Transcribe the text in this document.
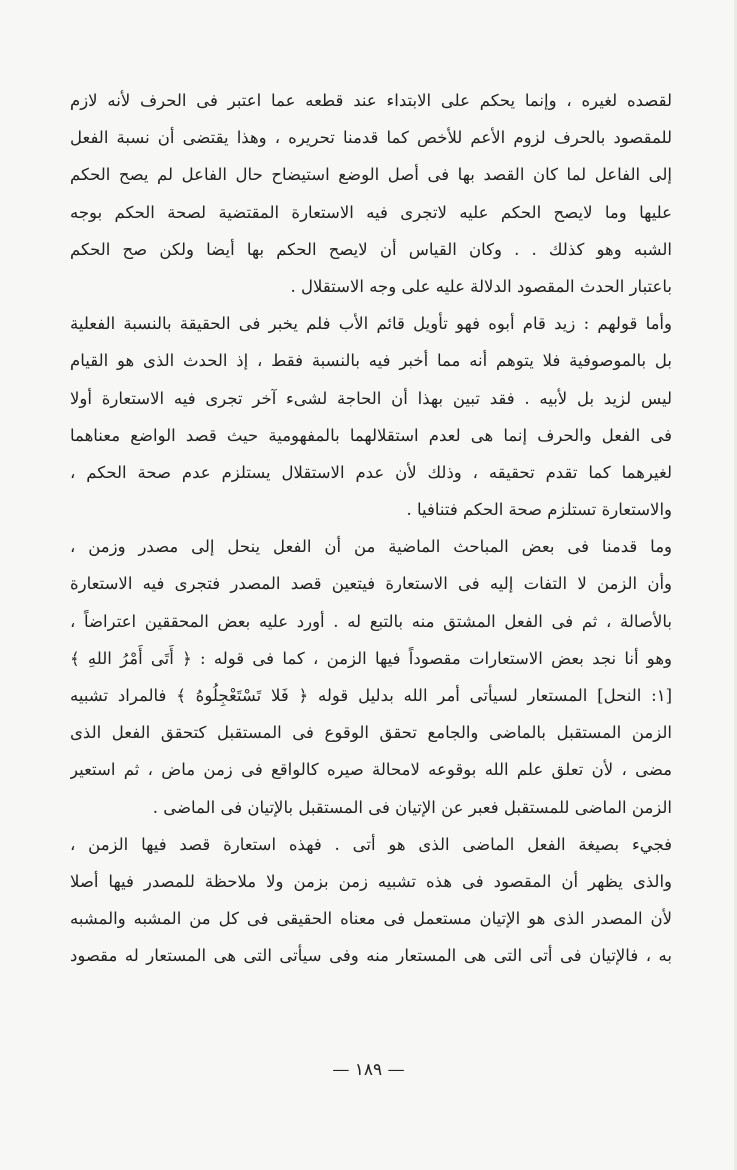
لقصده لغيره ، وإنما يحكم على الابتداء عند قطعه عما اعتبر فى الحرف لأنه لازم
للمقصود بالحرف لزوم الأعم للأخص كما قدمنا تحريره ، وهذا يقتضى أن نسبة الفعل
إلى الفاعل لما كان القصد بها فى أصل الوضع استيضاح حال الفاعل لم يصح الحكم
عليها وما لايصح الحكم عليه لاتجرى فيه الاستعارة المقتضية لصحة الحكم بوجه
الشبه وهو كذلك . . وكان القياس أن لايصح الحكم بها أيضا ولكن صح الحكم
باعتبار الحدث المقصود الدلالة عليه على وجه الاستقلال .
وأما قولهم : زيد قام أبوه فهو تأويل قائم الأب فلم يخبر فى الحقيقة بالنسبة الفعلية
بل بالموصوفية فلا يتوهم أنه مما أخبر فيه بالنسبة فقط ، إذ الحدث الذى هو القيام
ليس لزيد بل لأبيه . فقد تبين بهذا أن الحاجة لشىء آخر تجرى فيه الاستعارة أولا
فى الفعل والحرف إنما هى لعدم استقلالهما بالمفهومية حيث قصد الواضع معناهما
لغيرهما كما تقدم تحقيقه ، وذلك لأن عدم الاستقلال يستلزم عدم صحة الحكم ،
والاستعارة تستلزم صحة الحكم فتنافيا .
وما قدمنا فى بعض المباحث الماضية من أن الفعل ينحل إلى مصدر وزمن ،
وأن الزمن لا التفات إليه فى الاستعارة فيتعين قصد المصدر فتجرى فيه الاستعارة
بالأصالة ، ثم فى الفعل المشتق منه بالتبع له . أورد عليه بعض المحققين اعتراضاً ،
وهو أنا نجد بعض الاستعارات مقصوداً فيها الزمن ، كما فى قوله : ﴿ أَتَى أَمْرُ اللهِ ﴾
[١: النحل] المستعار لسيأتى أمر الله بدليل قوله ﴿ فَلا تَسْتَعْجِلُوهُ ﴾ فالمراد تشبيه
الزمن المستقبل بالماضى والجامع تحقق الوقوع فى المستقبل كتحقق الفعل الذى
مضى ، لأن تعلق علم الله بوقوعه لامحالة صيره كالواقع فى زمن ماض ، ثم استعير
الزمن الماضى للمستقبل فعبر عن الإتيان فى المستقبل بالإتيان فى الماضى .
فجيء بصيغة الفعل الماضى الذى هو أتى . فهذه استعارة قصد فيها الزمن ،
والذى يظهر أن المقصود فى هذه تشبيه زمن بزمن ولا ملاحظة للمصدر فيها أصلا
لأن المصدر الذى هو الإتيان مستعمل فى معناه الحقيقى فى كل من المشبه والمشبه
به ، فالإتيان فى أتى التى هى المستعار منه وفى سيأتى التى هى المستعار له مقصود
— ١٨٩ —
